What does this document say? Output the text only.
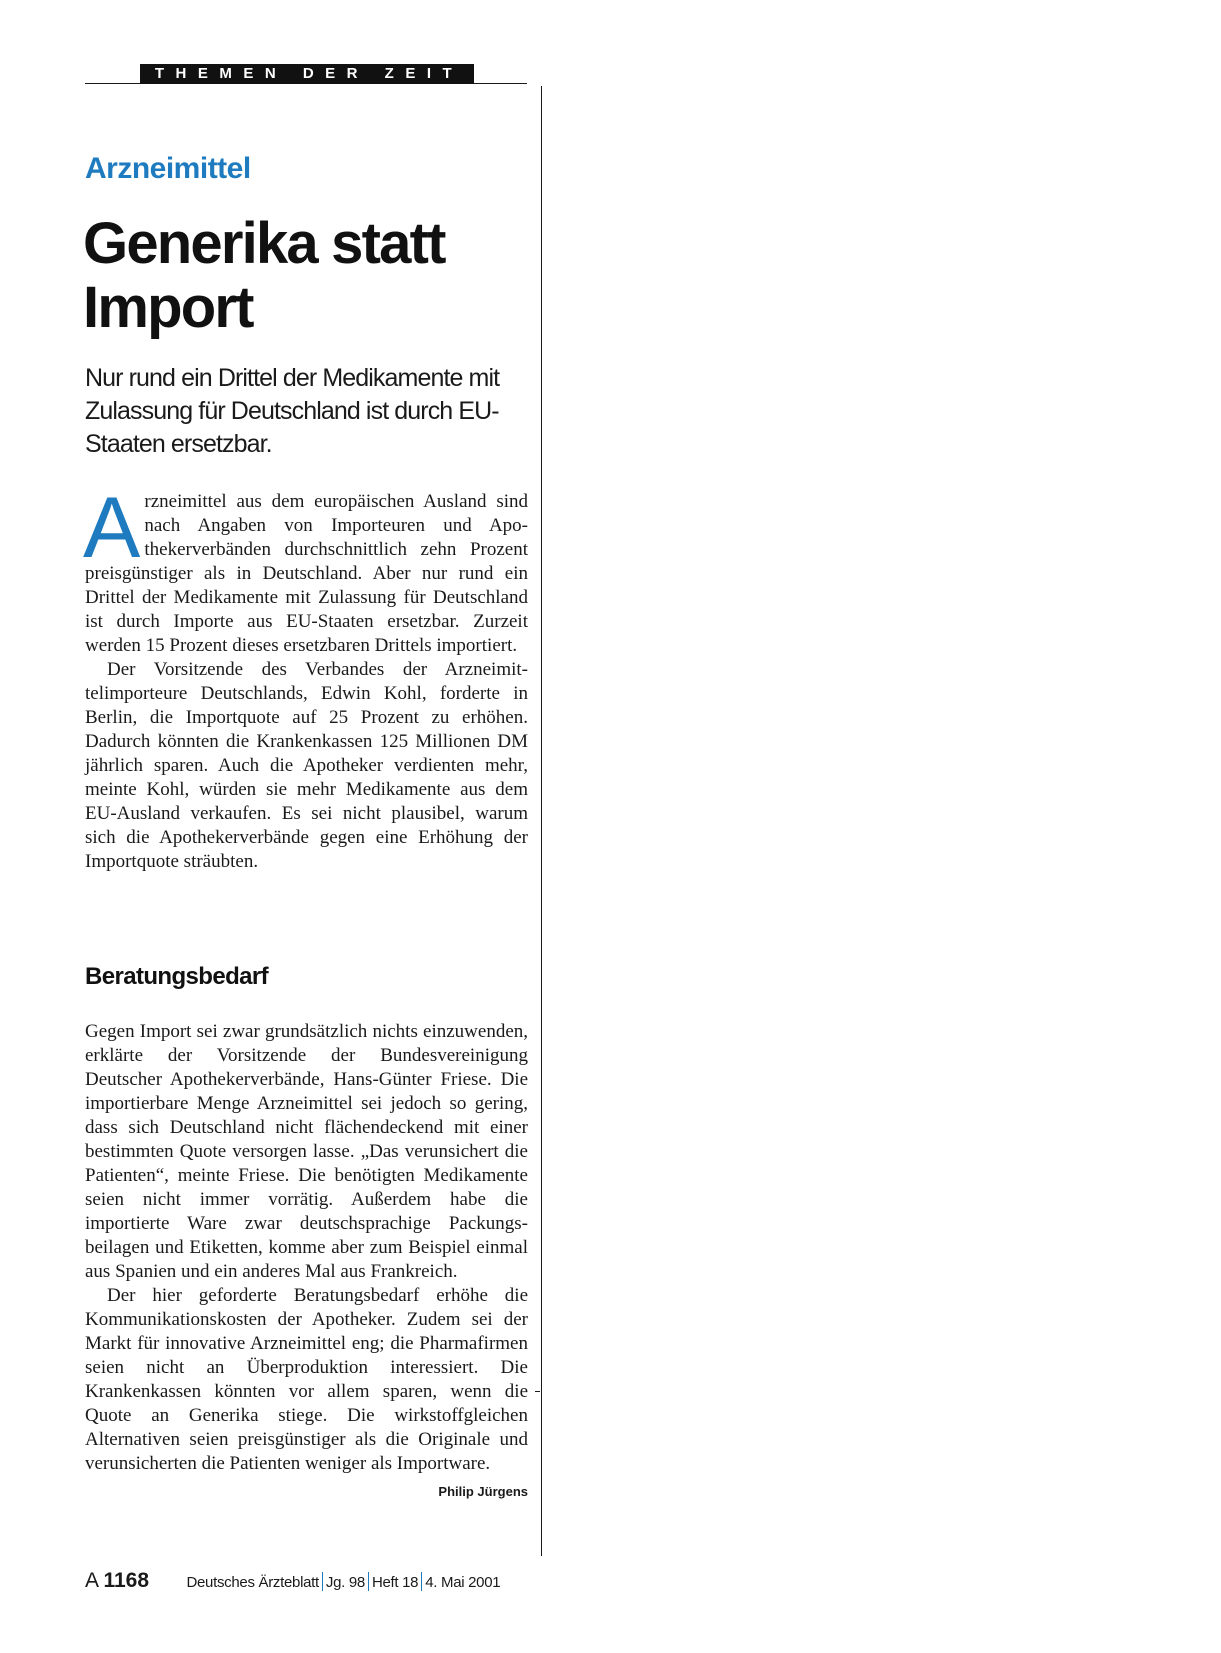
THEMEN DER ZEIT
Arzneimittel
Generika statt Import

Nur rund ein Drittel der Medikamente mit Zulassung für Deutschland ist durch EU-Staaten ersetzbar.

Arzneimittel aus dem europäischen Ausland sind nach Angaben von Importeuren und Apothekerverbänden durchschnittlich zehn Prozent preisgünstiger als in Deutschland. Aber nur rund ein Drittel der Medikamente mit Zulassung für Deutschland ist durch Importe aus EU-Staaten ersetzbar. Zurzeit werden 15 Prozent dieses ersetzbaren Drittels importiert.

Der Vorsitzende des Verbandes der Arzneimittelimporteure Deutschlands, Edwin Kohl, forderte in Berlin, die Importquote auf 25 Prozent zu erhöhen. Dadurch könnten die Krankenkassen 125 Millionen DM jährlich sparen. Auch die Apotheker verdienten mehr, meinte Kohl, würden sie mehr Medikamente aus dem EU-Ausland verkaufen. Es sei nicht plausibel, warum sich die Apothekerverbände gegen eine Erhöhung der Importquote sträubten.

Beratungsbedarf

Gegen Import sei zwar grundsätzlich nichts einzuwenden, erklärte der Vorsitzende der Bundesvereinigung Deutscher Apothekerverbände, Hans-Günter Friese. Die importierbare Menge Arzneimittel sei jedoch so gering, dass sich Deutschland nicht flächendeckend mit einer bestimmten Quote versorgen lasse. „Das verunsichert die Patienten“, meinte Friese. Die benötigten Medikamente seien nicht immer vorrätig. Außerdem habe die importierte Ware zwar deutschsprachige Packungsbeilagen und Etiketten, komme aber zum Beispiel einmal aus Spanien und ein anderes Mal aus Frankreich.

Der hier geforderte Beratungsbedarf erhöhe die Kommunikationskosten der Apotheker. Zudem sei der Markt für innovative Arzneimittel eng; die Pharmafirmen seien nicht an Überproduktion interessiert. Die Krankenkassen könnten vor allem sparen, wenn die Quote an Generika stiege. Die wirkstoffgleichen Alternativen seien preisgünstiger als die Originale und verunsicherten die Patienten weniger als Importware.
Philip Jürgens

A 1168 Deutsches Ärzteblatt Jg. 98 Heft 18 4. Mai 2001
